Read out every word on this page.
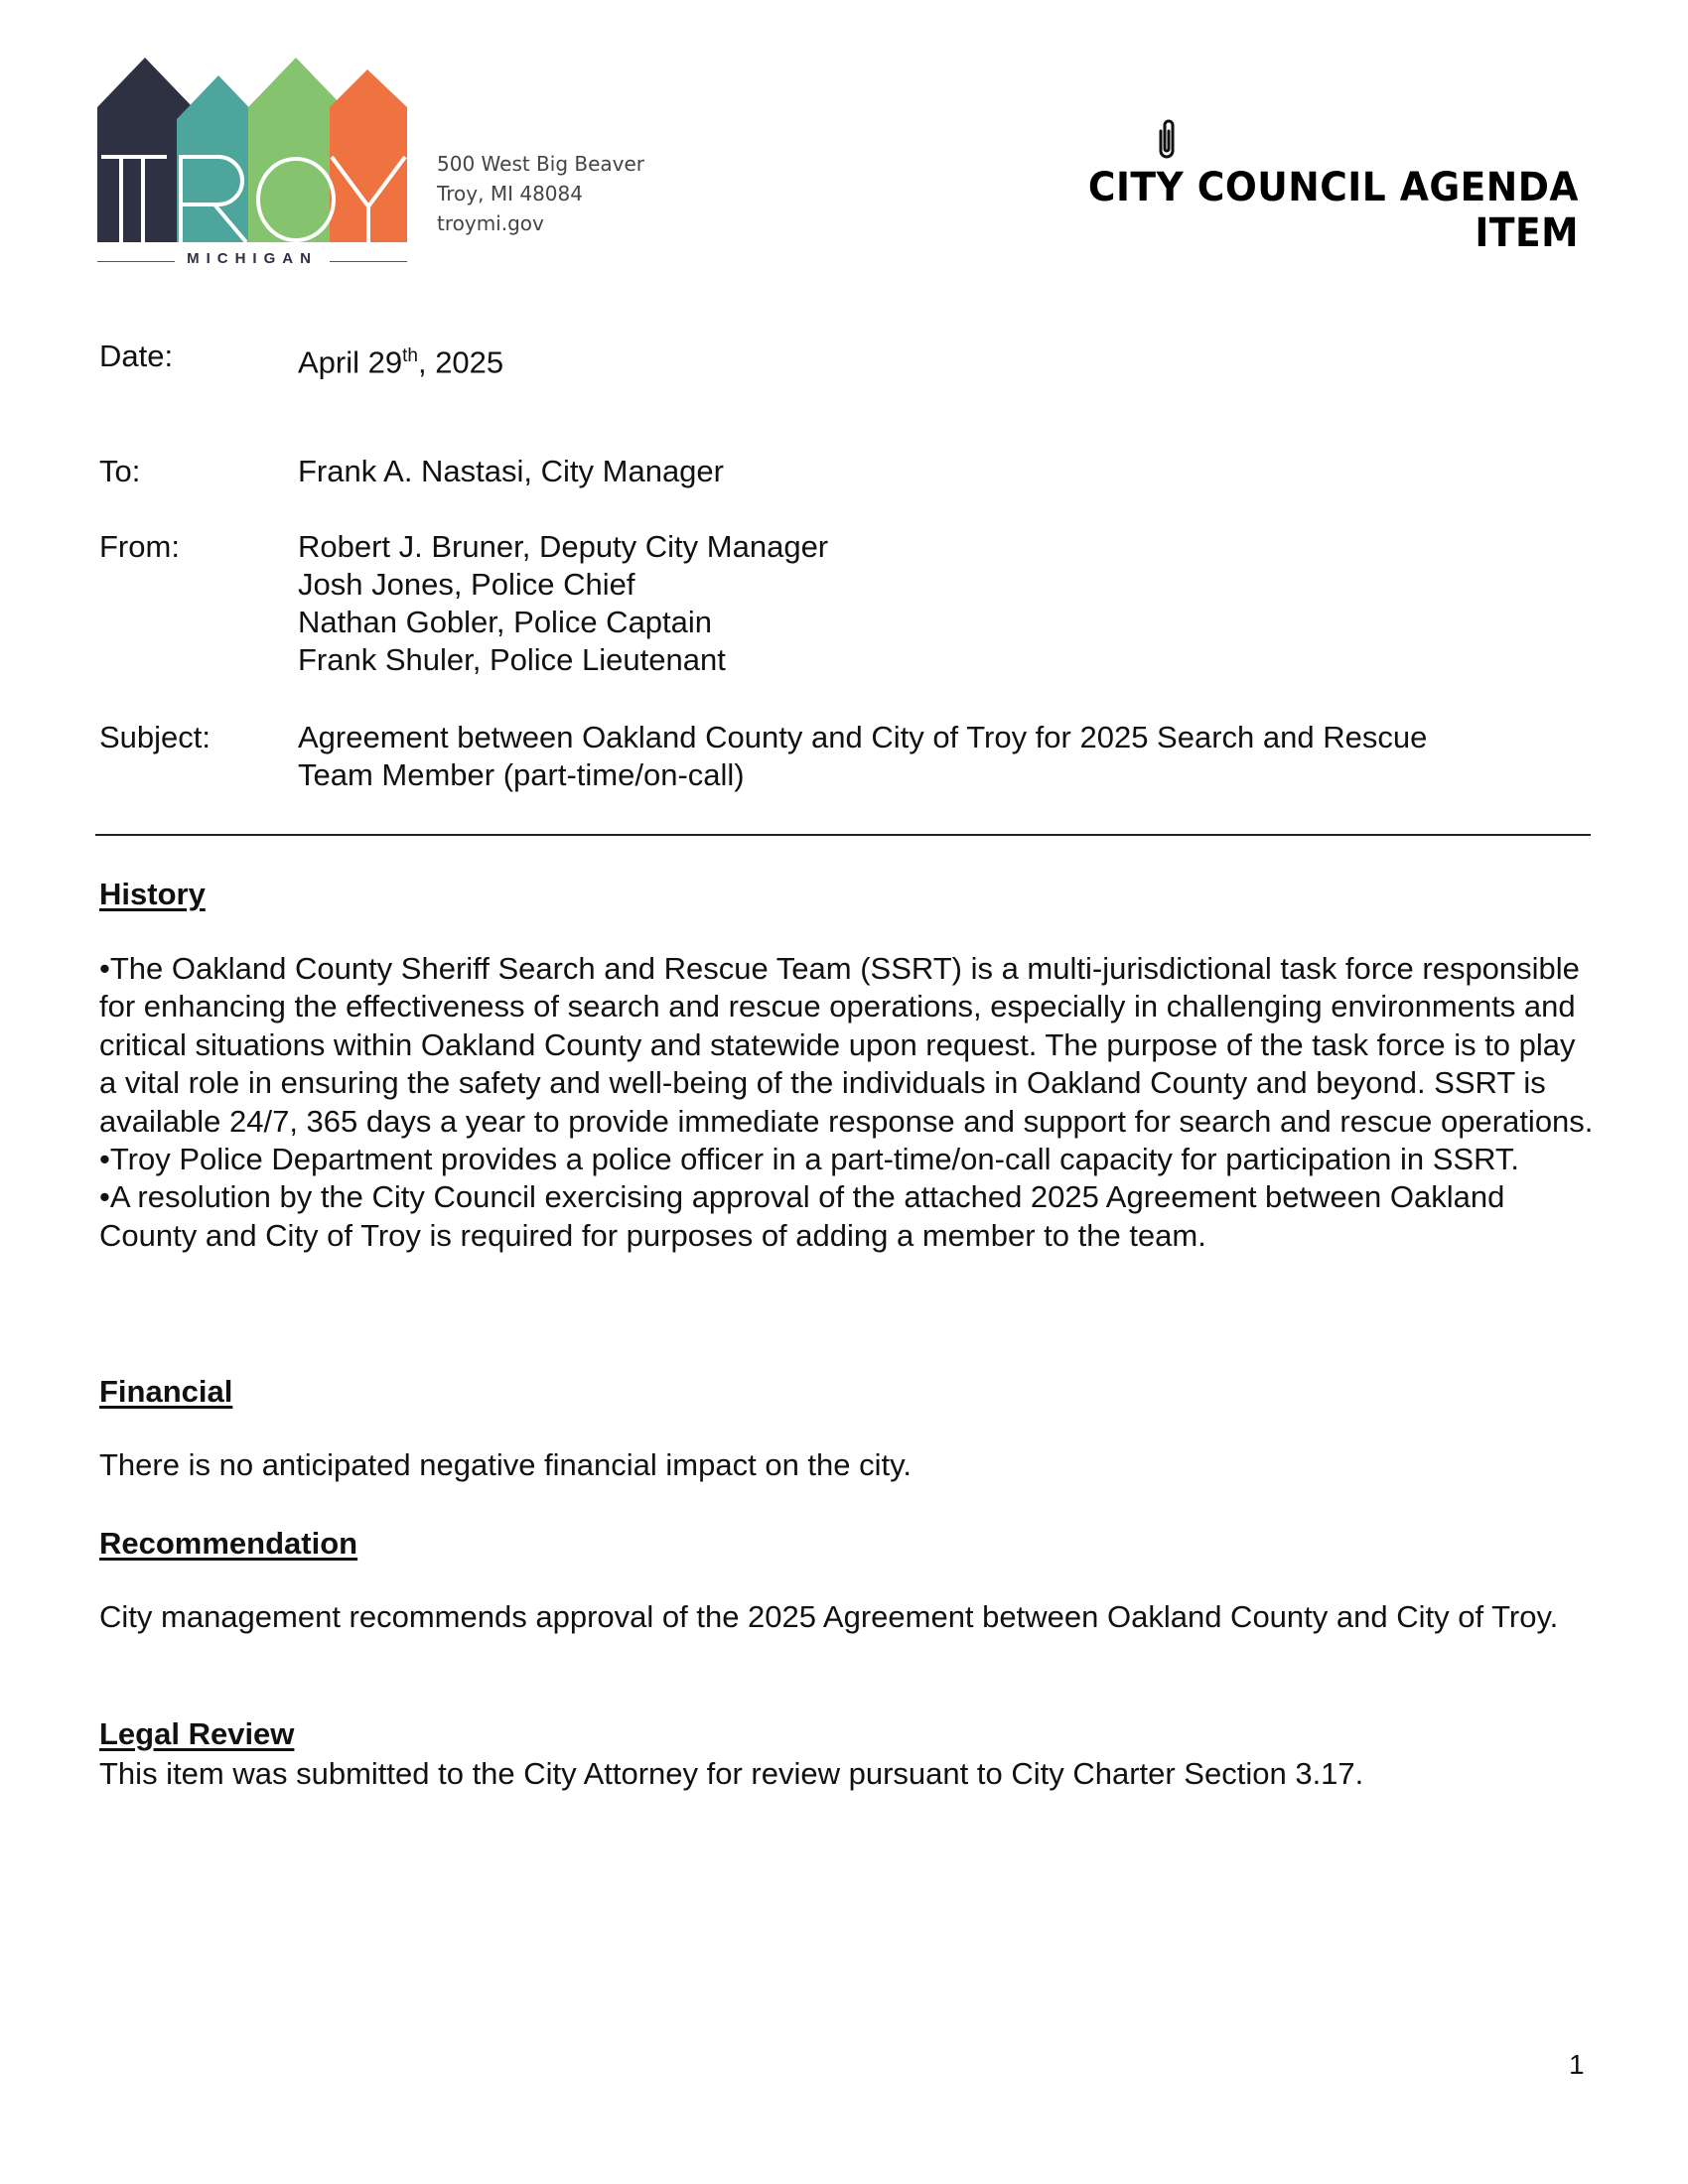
MICHIGAN
500 West Big Beaver
Troy, MI 48084
troymi.gov
CITY COUNCIL AGENDA ITEM
Date:	April 29th, 2025
To:	Frank A. Nastasi, City Manager
From:	Robert J. Bruner, Deputy City Manager
Josh Jones, Police Chief
Nathan Gobler, Police Captain
Frank Shuler, Police Lieutenant
Subject:	Agreement between Oakland County and City of Troy for 2025 Search and Rescue
Team Member (part-time/on-call)
History

•The Oakland County Sheriff Search and Rescue Team (SSRT) is a multi-jurisdictional task force responsible for enhancing the effectiveness of search and rescue operations, especially in challenging environments and critical situations within Oakland County and statewide upon request. The purpose of the task force is to play a vital role in ensuring the safety and well-being of the individuals in Oakland County and beyond. SSRT is available 24/7, 365 days a year to provide immediate response and support for search and rescue operations.

•Troy Police Department provides a police officer in a part-time/on-call capacity for participation in SSRT.

•A resolution by the City Council exercising approval of the attached 2025 Agreement between Oakland County and City of Troy is required for purposes of adding a member to the team.

Financial
There is no anticipated negative financial impact on the city.
Recommendation
City management recommends approval of the 2025 Agreement between Oakland County and City of Troy.
Legal Review
This item was submitted to the City Attorney for review pursuant to City Charter Section 3.17.
1
